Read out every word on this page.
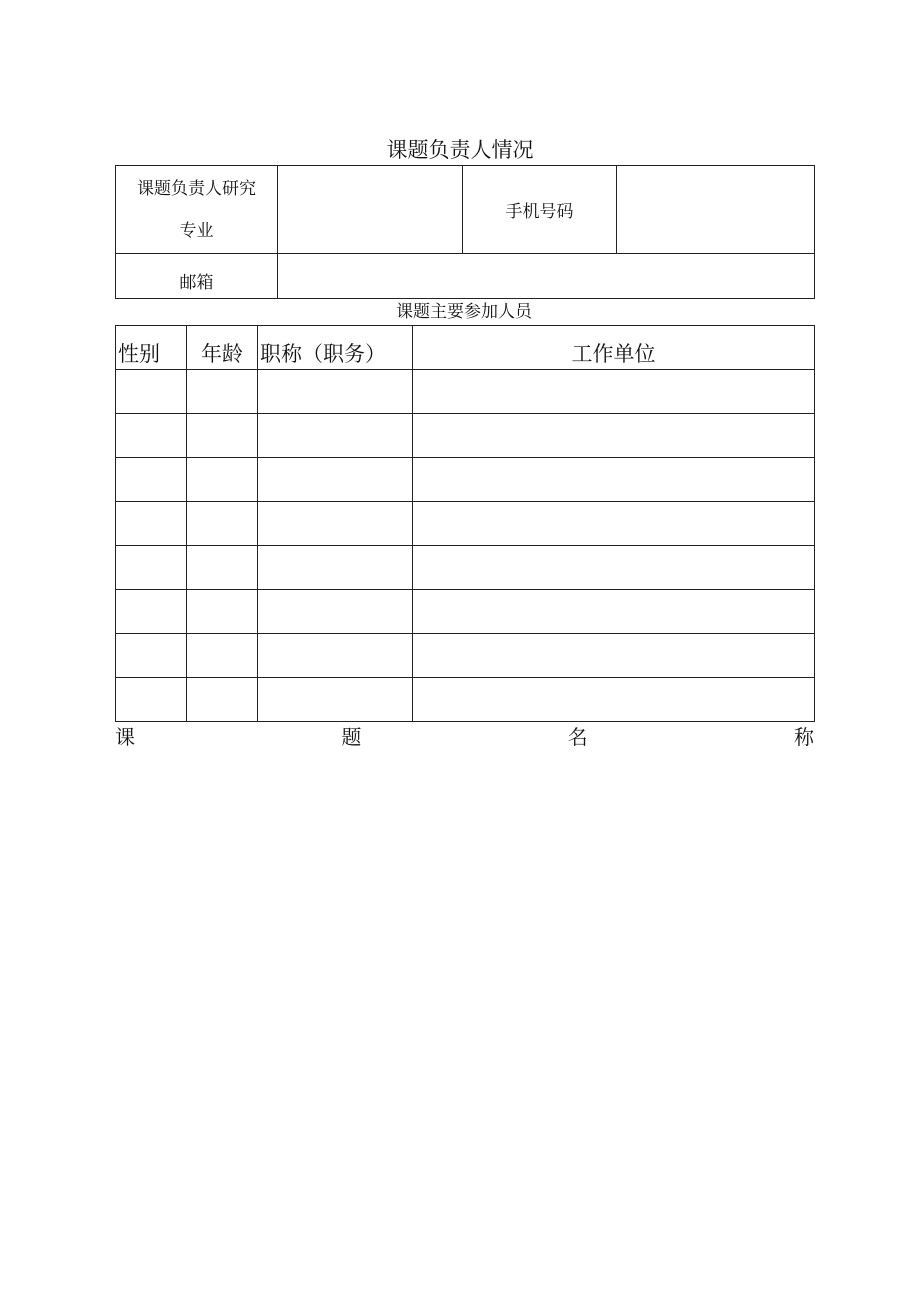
课题负责人情况
课题负责人研究
专业		手机号码	
邮箱			
课题主要参加人员
性别	年龄	职称（职务）	工作单位

课	题	名	称
